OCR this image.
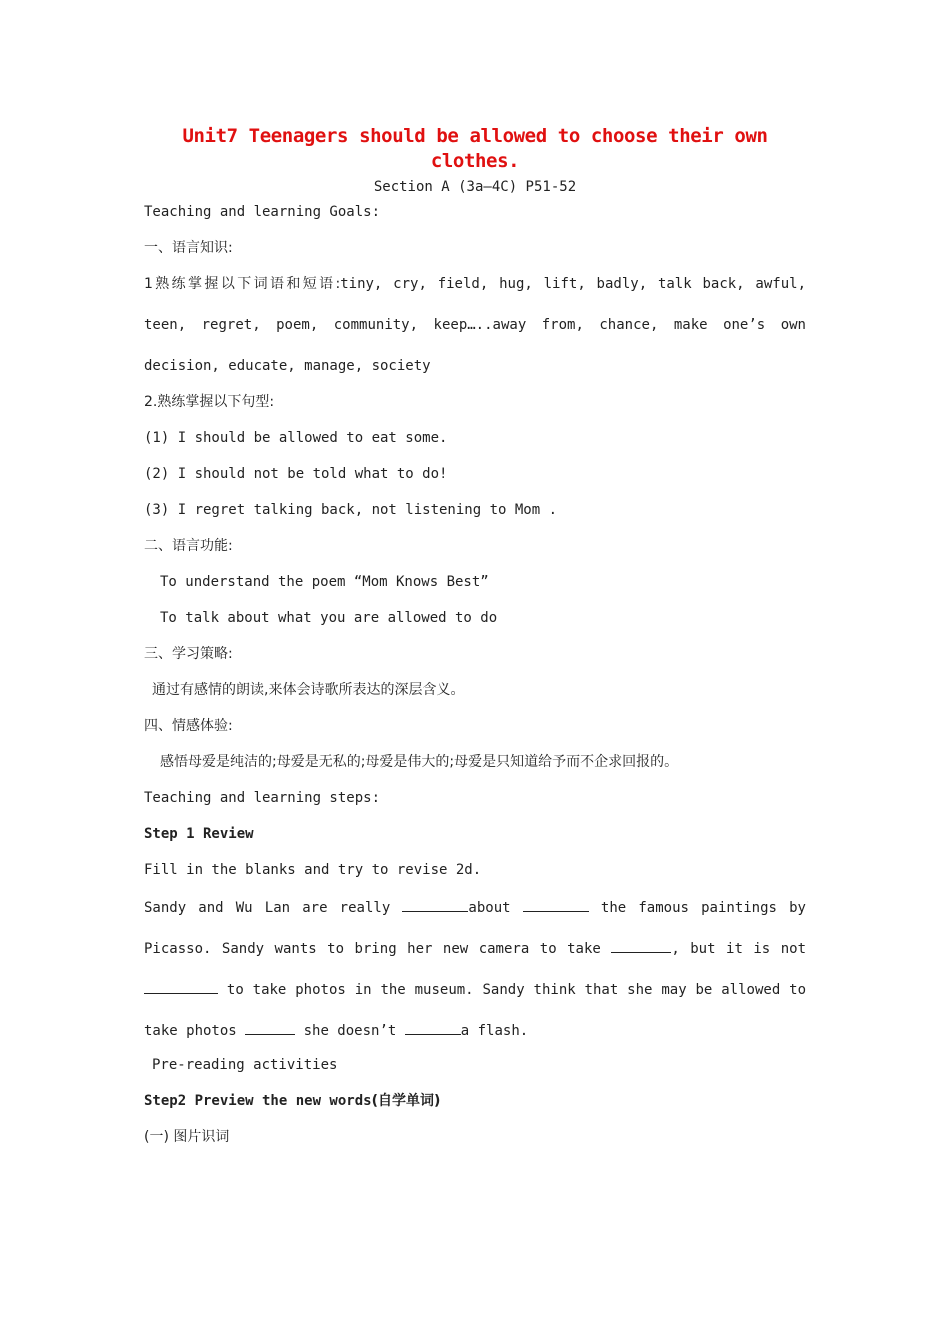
Unit7 Teenagers should be allowed to choose their own clothes.
Section A (3a—4C) P51-52
Teaching and learning Goals:
一、语言知识:
1熟练掌握以下词语和短语:tiny, cry, field, hug, lift, badly, talk back, awful,
teen, regret, poem, community, keep…..away from, chance, make one’s own
decision, educate, manage, society
2.熟练掌握以下句型:
(1) I should be allowed to eat some.
(2) I should not be told what to do!
(3) I regret talking back, not listening to Mom .
二、语言功能:
To understand the poem “Mom Knows Best”
To talk about what you are allowed to do
三、学习策略:
通过有感情的朗读,来体会诗歌所表达的深层含义。
四、情感体验:
感悟母爱是纯洁的;母爱是无私的;母爱是伟大的;母爱是只知道给予而不企求回报的。
Teaching and learning steps:
Step 1 Review
Fill in the blanks and try to revise 2d.
Sandy and Wu Lan are really	about	the famous paintings by
Picasso. Sandy wants to bring her new camera to take	, but it is not
to take photos in the museum. Sandy think that she may be allowed to
take photos	she doesn’t	a flash.
Pre-reading activities
Step2 Preview the new words(自学单词)
(一) 图片识词
